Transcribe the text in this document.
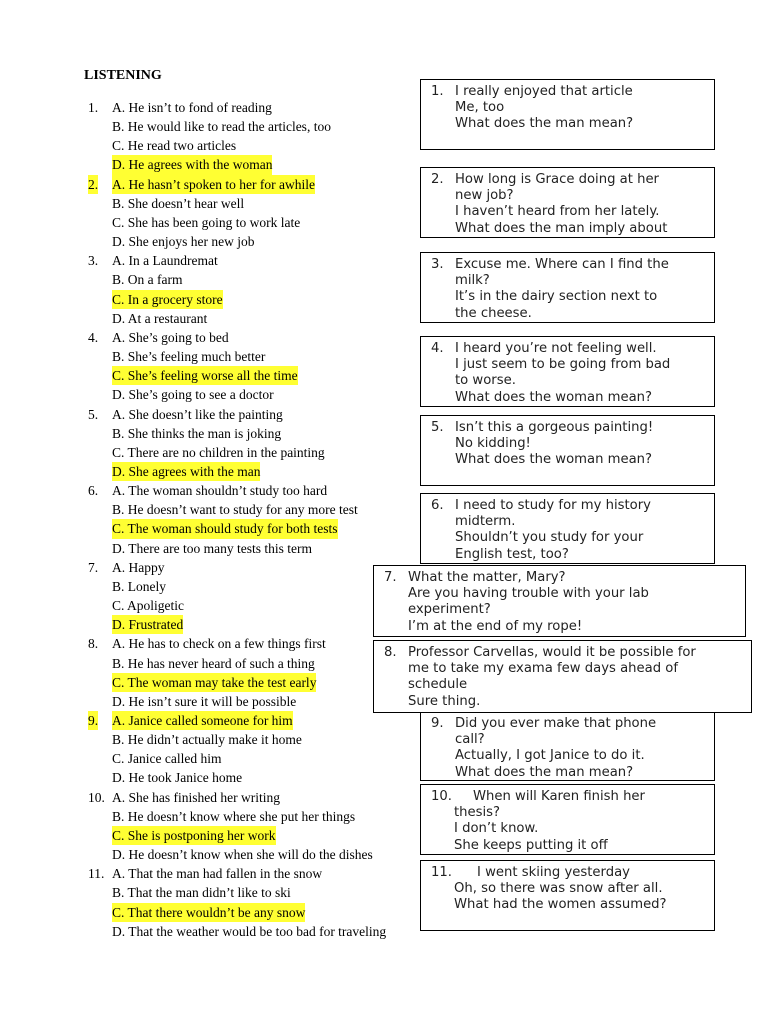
LISTENING
1. A. He isn’t to fond of reading
B. He would like to read the articles, too
C. He read two articles
D. He agrees with the woman
2. A. He hasn’t spoken to her for awhile
B. She doesn’t hear well
C. She has been going to work late
D. She enjoys her new job
3. A. In a Laundremat
B. On a farm
C. In a grocery store
D. At a restaurant
4. A. She’s going to bed
B. She’s feeling much better
C. She’s feeling worse all the time
D. She’s going to see a doctor
5. A. She doesn’t like the painting
B. She thinks the man is joking
C. There are no children in the painting
D. She agrees with the man
6. A. The woman shouldn’t study too hard
B. He doesn’t want to study for any more test
C. The woman should study for both tests
D. There are too many tests this term
7. A. Happy
B. Lonely
C. Apoligetic
D. Frustrated
8. A. He has to check on a few things first
B. He has never heard of such a thing
C. The woman may take the test early
D. He isn’t sure it will be possible
9. A. Janice called someone for him
B. He didn’t actually make it home
C. Janice called him
D. He took Janice home
10. A. She has finished her writing
B. He doesn’t know where she put her things
C. She is postponing her work
D. He doesn’t know when she will do the dishes
11. A. That the man had fallen in the snow
B. That the man didn’t like to ski
C. That there wouldn’t be any snow
D. That the weather would be too bad for traveling
1. I really enjoyed that article
Me, too
What does the man mean?
2. How long is Grace doing at her
new job?
I haven’t heard from her lately.
What does the man imply about
3. Excuse me. Where can I find the
milk?
It’s in the dairy section next to
the cheese.
4. I heard you’re not feeling well.
I just seem to be going from bad
to worse.
What does the woman mean?
5. Isn’t this a gorgeous painting!
No kidding!
What does the woman mean?
6. I need to study for my history
midterm.
Shouldn’t you study for your
English test, too?
9. Did you ever make that phone
call?
Actually, I got Janice to do it.
What does the man mean?
10.	When will Karen finish her
thesis?
I don’t know.
She keeps putting it off
11.	I went skiing yesterday
Oh, so there was snow after all.
What had the women assumed?
7. What the matter, Mary?
Are you having trouble with your lab
experiment?
I’m at the end of my rope!
8. Professor Carvellas, would it be possible for
me to take my exama few days ahead of
schedule
Sure thing.
